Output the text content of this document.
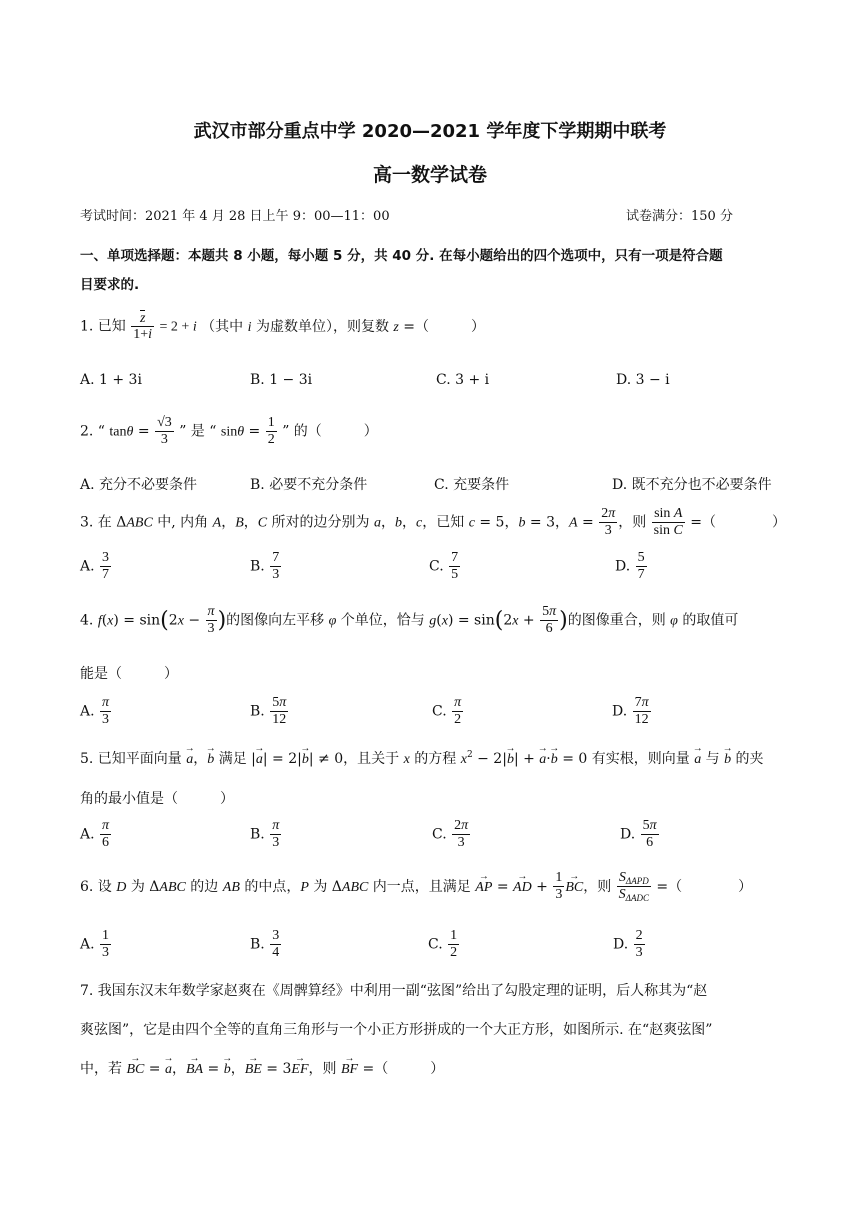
武汉市部分重点中学 2020—2021 学年度下学期期中联考
高一数学试卷
考试时间：2021 年 4 月 28 日上午 9：00—11：00	试卷满分：150 分
一、单项选择题：本题共 8 小题，每小题 5 分，共 40 分. 在每小题给出的四个选项中，只有一项是符合题
目要求的.
1. 已知 $\frac{z}{1+i} = 2 + i$ （其中 i 为虚数单位），则复数 z =（　　　）
A. 1 + 3i	B. 1 − 3i	C. 3 + i	D. 3 − i
2. “ $\tan\theta = \frac{√3}{3}$ ” 是 “ $\sin\theta = \frac{1}{2}$ ” 的（　　　）
A. 充分不必要条件	B. 必要不充分条件	C. 充要条件	D. 既不充分也不必要条件
3. 在 ΔABC 中, 内角 A，B，C 所对的边分别为 a，b，c，已知 c = 5，b = 3，$A = \frac{2\pi}{3}$ ，则 $\frac{\text{sin A}}{\text{sin C}}$ =（　　　　）
A. $\frac{3}{7}$	B. $\frac{7}{3}$	C. $\frac{7}{5}$	D. $\frac{5}{7}$
4. $f(x) = \sin(2x - \frac{\pi}{3}$ )的图像向左平移 φ 个单位，恰与 $g(x) = \sin(2x + \frac{5\pi}{6}$ )的图像重合，则 φ 的取值可
能是（　　　）
A. $\frac{\pi}{3}$	B. $\frac{5\pi}{12}$	C. $\frac{\pi}{2}$	D. $\frac{7\pi}{12}$
5. 已知平面向量 → a，→ b 满足 |→ a| = 2|→ b| ≠ 0，且关于 x 的方程 $x^2 - 2|\to b|$ + → a·→ b = 0 有实根，则向量 → a 与 → b 的夹
角的最小值是（　　　）
A. $\frac{\pi}{6}$	B. $\frac{\pi}{3}$	C. $\frac{2\pi}{3}$	D. $\frac{5\pi}{6}$
6. 设 D 为 ΔABC 的边 AB 的中点，P 为 ΔABC 内一点，且满足 → AP = → AD + $\frac{1}{3}$
→ BC，则 $\frac{S_{\Delta APD}}{S_{\Delta ADC}}$ =（　　　　）
A. $\frac{1}{3}$	B. $\frac{3}{4}$	C. $\frac{1}{2}$	D. $\frac{2}{3}$
7. 我国东汉末年数学家赵爽在《周髀算经》中利用一副“弦图”给出了勾股定理的证明，后人称其为“赵
爽弦图”，它是由四个全等的直角三角形与一个小正方形拼成的一个大正方形，如图所示. 在“赵爽弦图”
中，若 → BC = → a，→ BA = → b，→ BE = 3→ EF，则 → BF =（　　　）
